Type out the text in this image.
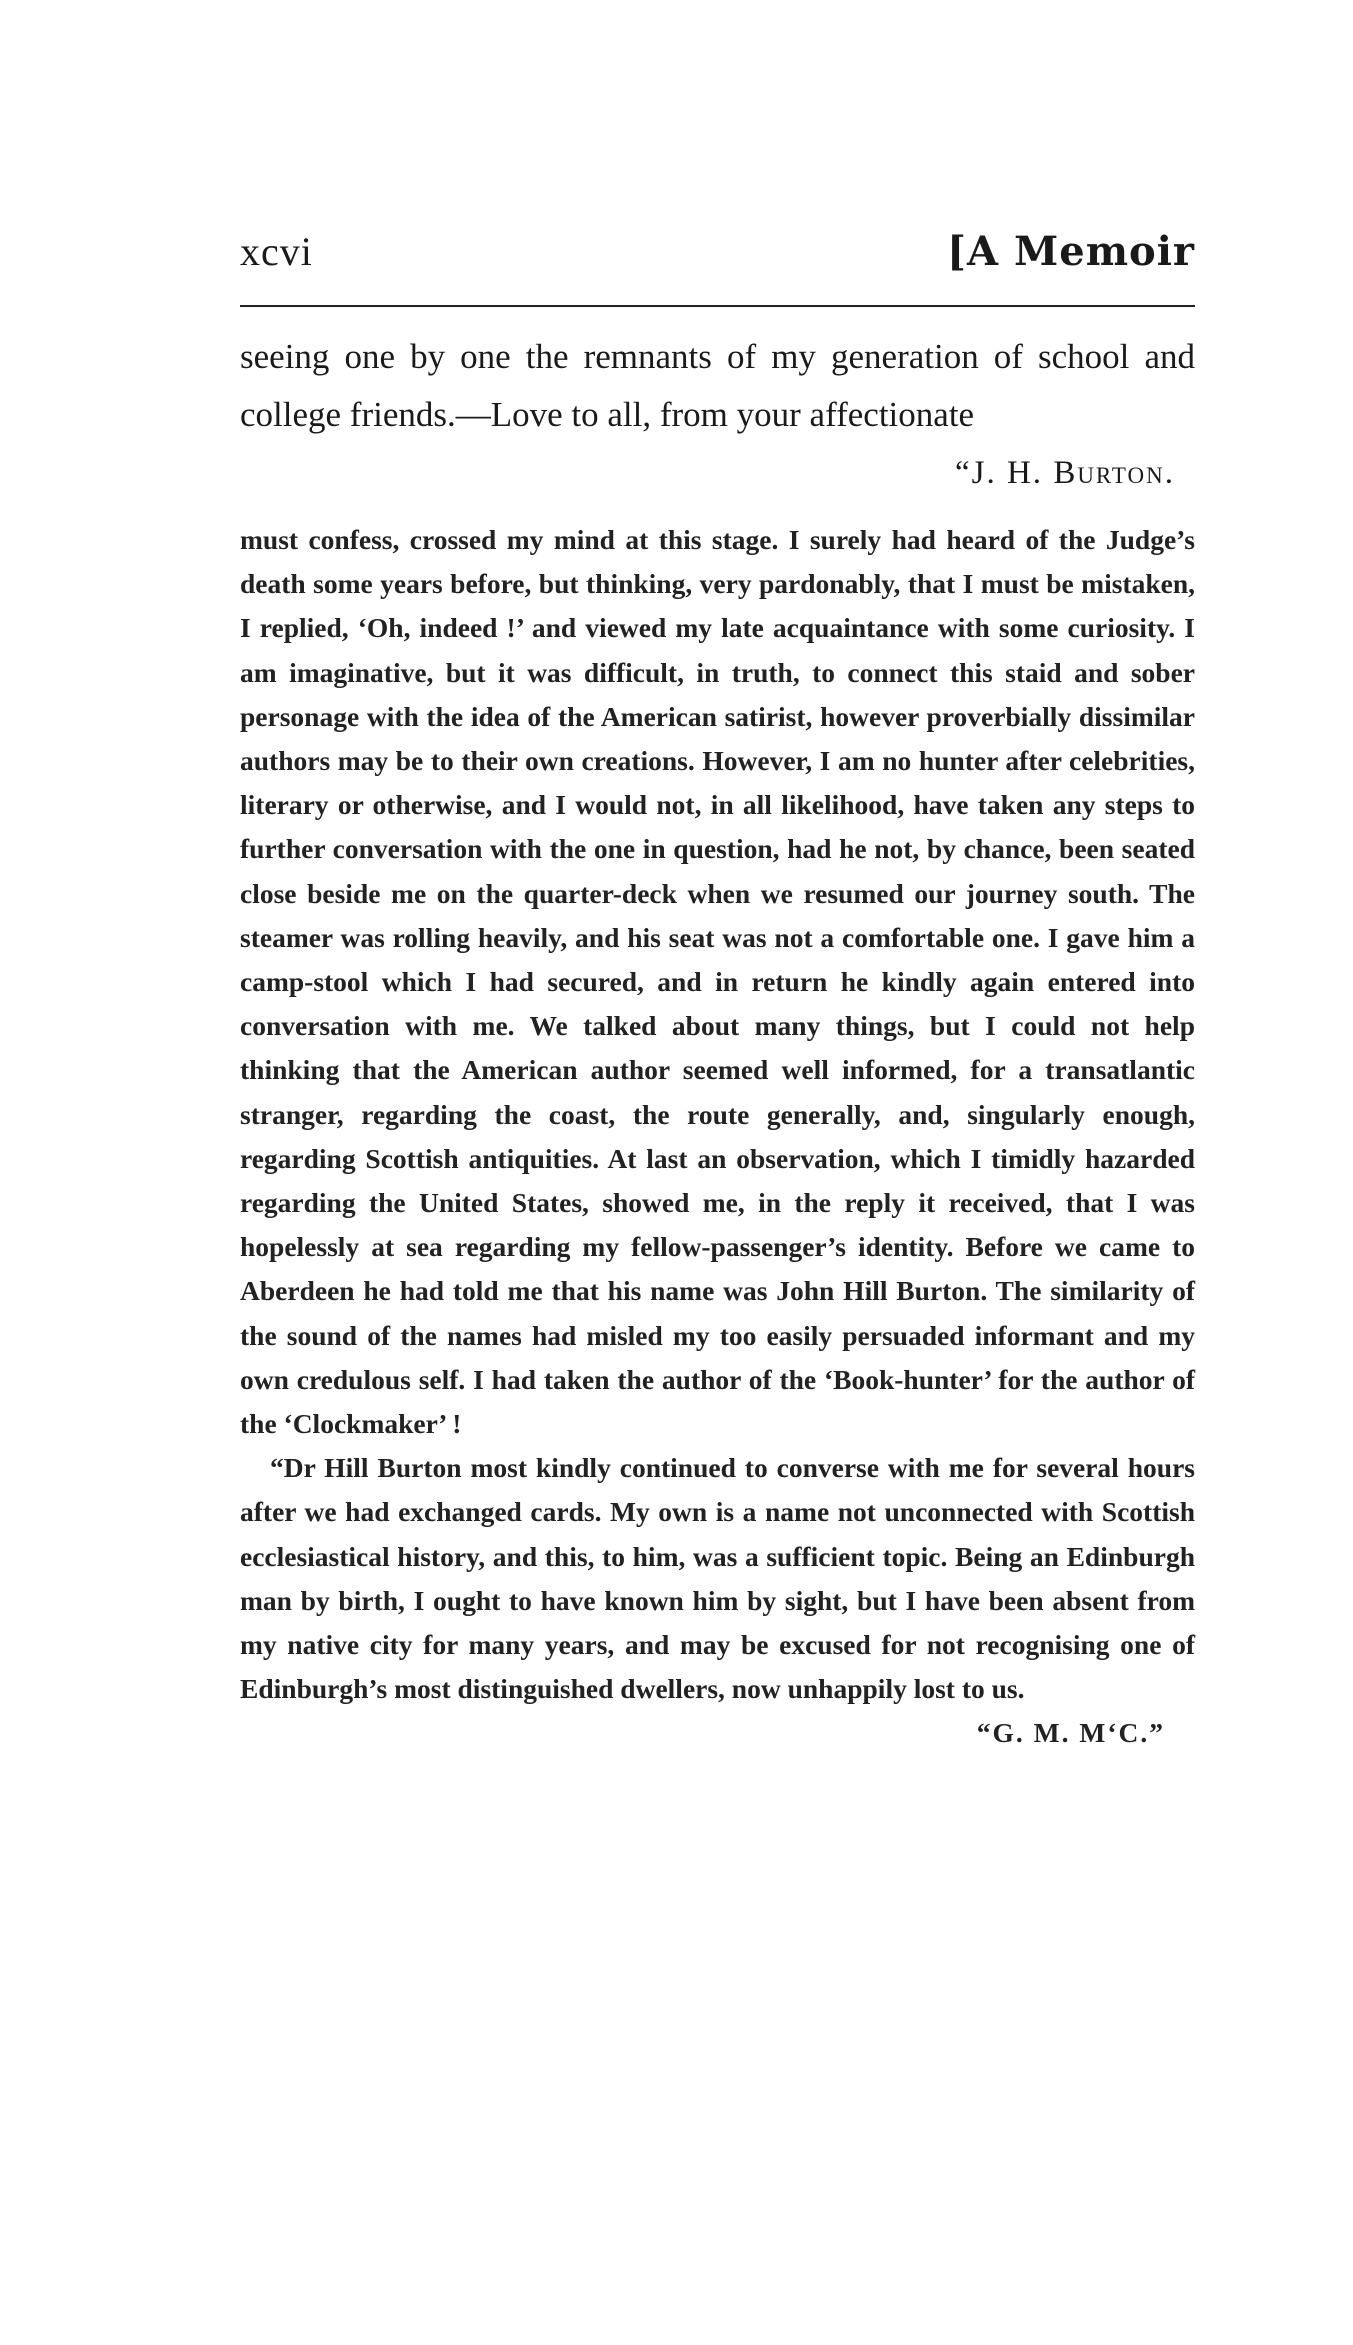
xcvi	[A Memoir

seeing one by one the remnants of my generation of school and college friends.—Love to all, from your affectionate

“J. H. Burton.

must confess, crossed my mind at this stage. I surely had heard of the Judge’s death some years before, but thinking, very pardonably, that I must be mistaken, I replied, ‘Oh, indeed !’ and viewed my late acquaintance with some curiosity. I am imaginative, but it was difficult, in truth, to connect this staid and sober personage with the idea of the American satirist, however proverbially dissimilar authors may be to their own creations. However, I am no hunter after celebrities, literary or otherwise, and I would not, in all likelihood, have taken any steps to further conversation with the one in question, had he not, by chance, been seated close beside me on the quarter-deck when we resumed our journey south. The steamer was rolling heavily, and his seat was not a comfortable one. I gave him a camp-stool which I had secured, and in return he kindly again entered into conversation with me. We talked about many things, but I could not help thinking that the American author seemed well informed, for a transatlantic stranger, regarding the coast, the route generally, and, singularly enough, regarding Scottish antiquities. At last an observation, which I timidly hazarded regarding the United States, showed me, in the reply it received, that I was hopelessly at sea regarding my fellow-passenger’s identity. Before we came to Aberdeen he had told me that his name was John Hill Burton. The similarity of the sound of the names had misled my too easily persuaded informant and my own credulous self. I had taken the author of the ‘Book-hunter’ for the author of the ‘Clockmaker’ !

“Dr Hill Burton most kindly continued to converse with me for several hours after we had exchanged cards. My own is a name not unconnected with Scottish ecclesiastical history, and this, to him, was a sufficient topic. Being an Edinburgh man by birth, I ought to have known him by sight, but I have been absent from my native city for many years, and may be excused for not recognising one of Edinburgh’s most distinguished dwellers, now unhappily lost to us.

“G. M. M‘C.”
